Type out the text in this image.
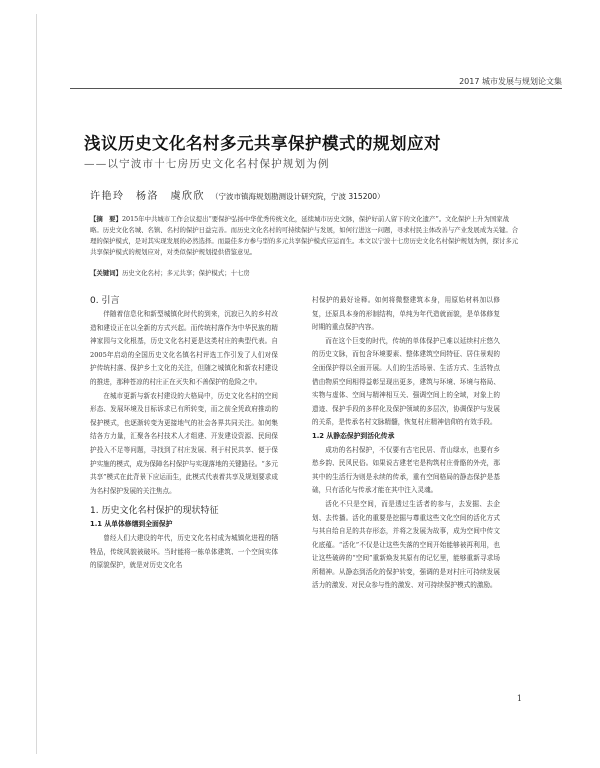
2017 城市发展与规划论文集
浅议历史文化名村多元共享保护模式的规划应对
——以宁波市十七房历史文化名村保护规划为例
许艳玲　杨洛　虞欣欣 （宁波市镇海规划勘测设计研究院，宁波 315200）
【摘　要】2015年中共城市工作会议提出“要保护弘扬中华优秀传统文化，延续城市历史文脉，保护好前人留下的文化遗产”。文化保护上升为国家战略。历史文化名城、名镇、名村的保护日益完善。而历史文化名村的可持续保护与发展，如何行进这一问题，寻求村民主体改善与产业发展成为关键。合理的保护模式，是对其实现发展的必然选择。而最佳多方参与型的多元共享保护模式应运而生。本文以宁波十七房历史文化名村保护规划为例，探讨多元共享保护模式的规划应对，对类似保护规划提供借鉴意见。
【关键词】历史文化名村；多元共享；保护模式；十七房

0. 引言

伴随着信息化和新型城镇化时代的到来，沉寂已久的乡村改造和建设正在以全新的方式兴起。而传统村落作为中华民族的精神家园与文化根基，历史文化名村更是这类村庄的典型代表。自2005年启动的全国历史文化名镇名村评选工作引发了人们对保护传统村落、保护乡土文化的关注，但随之城镇化和新农村建设的推进，那种苍凉的村庄正在灭失和不善保护的危险之中。

在城市更新与新农村建设的大格局中，历史文化名村的空间形态、发展环境及目标诉求已有所转变，而之前全凭政府推动的保护模式，也逐渐转变为更接地气的社会各界共同关注。如何集结各方力量，汇聚各名村技术人才组建、开发建设资源、民间保护投入不足等问题，寻找到了村庄发展、利于村民共享、便于保护实施的模式，成为保障名村保护与实现落地的关键路径。“多元共享”模式在此背景下应运而生，此模式代表着共享及规划要求成为名村保护发展的关注焦点。

1. 历史文化名村保护的现状特征

1.1 从单体修缮到全面保护

曾经人们大建设的年代，历史文化名村成为城镇化进程的牺牲品，传统风貌被破坏。当时能将一栋单体建筑、一个空间实体的原貌保护，就是对历史文化名

村保护的最好诠释。如何将微整建筑本身，用原始材料加以修复，还原具本身的形制结构，单纯为年代造就面貌，是单体修复时期的重点保护内容。

而在这个巨变的时代，传统的单体保护已难以延续村庄悠久的历史文脉，而包含环境要素、整体建筑空间特征、居住景观的全面保护得以全面开展。人们的生活场景、生活方式、生活特点借由物质空间相得益彰呈现出更多，建筑与环境、环境与格局、实物与虚体、空间与精神相互关、强调空间上的全域，对象上的遗迹、保护手段的多样化及保护领域的多层次，协调保护与发展的关系，是传承名村文脉精髓，恢复村庄精神信仰的有效手段。

1.2 从静态保护到活化传承

成功的名村保护，不仅要有古宅民居、青山绿水，也要有乡愁乡韵、民风民俗。如果说古建老宅是构筑村庄骨骼的外壳，那其中的生活行为则是永续的传承，重有空间格局的静态保护是基础，只有活化与传承才能在其中注入灵魂。

活化不只是空间，而是透过生活者的参与，去发掘、去企划、去传播。活化的重要是挖掘与尊重这些文化空间的活化方式与其自给自足的共存形态，并将之发展为故事，成为空间中传文化底蕴。“活化”不仅是让这些失落的空间开始能够被再利用，也让这些破碎的“空间”重新焕发其原有的记忆里，能够重新寻求场所精神。从静态到活化的保护转变，强调的是对村庄可持续发展活力的激发、对民众参与性的激发、对可持续保护模式的激励。

1
